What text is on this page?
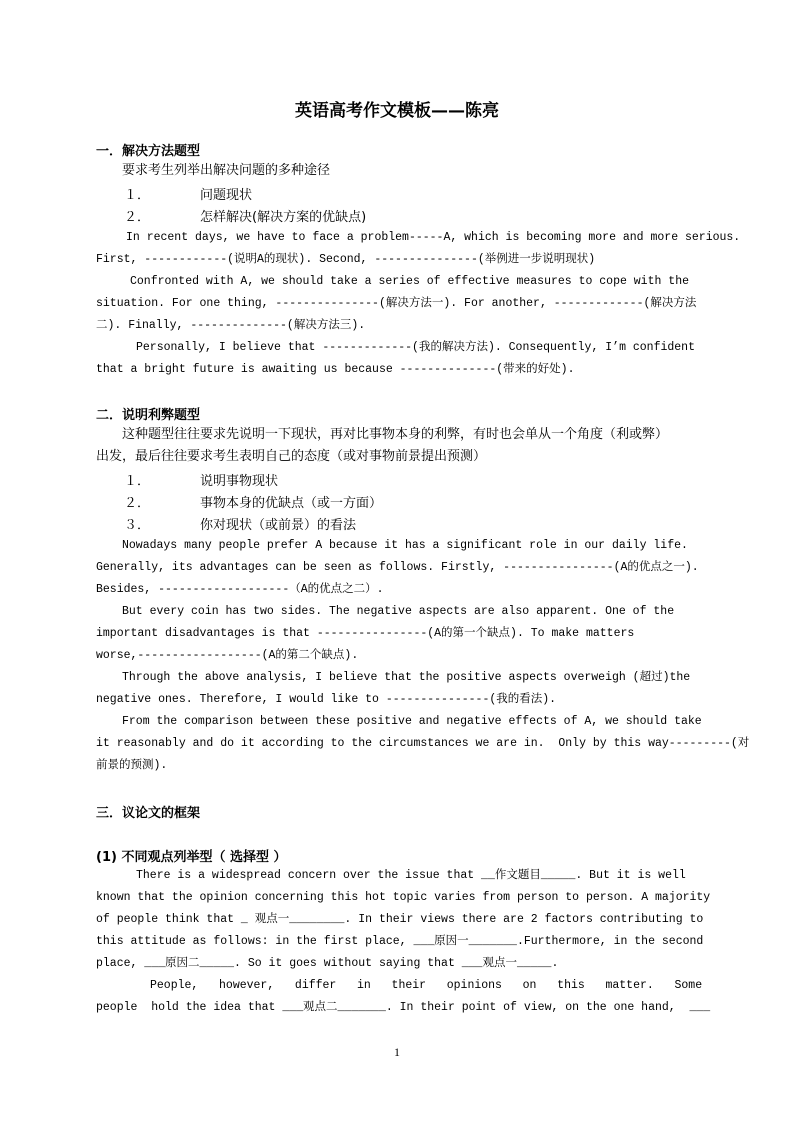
英语高考作文模板——陈亮
一．解决方法题型
要求考生列举出解决问题的多种途径
１．	问题现状
２．	怎样解决(解决方案的优缺点)
In recent days, we have to face a problem-----A, which is becoming more and more serious.
First, ------------(说明A的现状). Second, ---------------(举例进一步说明现状)
Confronted with A, we should take a series of effective measures to cope with the
situation. For one thing, ---------------(解决方法一). For another, -------------(解决方法
二). Finally, --------------(解决方法三).
Personally, I believe that -------------(我的解决方法). Consequently, I’m confident
that a bright future is awaiting us because --------------(带来的好处).
二．说明利弊题型
这种题型往往要求先说明一下现状，再对比事物本身的利弊，有时也会单从一个角度（利或弊）
出发，最后往往要求考生表明自己的态度（或对事物前景提出预测）
１．	说明事物现状
２．	事物本身的优缺点（或一方面）
３．	你对现状（或前景）的看法
Nowadays many people prefer A because it has a significant role in our daily life.
Generally, its advantages can be seen as follows. Firstly, ----------------(A的优点之一).
Besides, -------------------（A的优点之二）.
But every coin has two sides. The negative aspects are also apparent. One of the
important disadvantages is that ----------------(A的第一个缺点). To make matters
worse,------------------(A的第二个缺点).
Through the above analysis, I believe that the positive aspects overweigh (超过)the
negative ones. Therefore, I would like to ---------------(我的看法).
From the comparison between these positive and negative effects of A, we should take
it reasonably and do it according to the circumstances we are in.  Only by this way---------(对
前景的预测).
三．议论文的框架
(1) 不同观点列举型（ 选择型 ）
There is a widespread concern over the issue that __作文题目_____. But it is well
known that the opinion concerning this hot topic varies from person to person. A majority
of people think that _ 观点一________. In their views there are 2 factors contributing to
this attitude as follows: in the first place, ___原因一_______.Furthermore, in the second
place, ___原因二_____. So it goes without saying that ___观点一_____.
People,   however,   differ   in   their   opinions   on   this   matter.   Some
people  hold the idea that ___观点二_______. In their point of view, on the one hand,  ___
1
